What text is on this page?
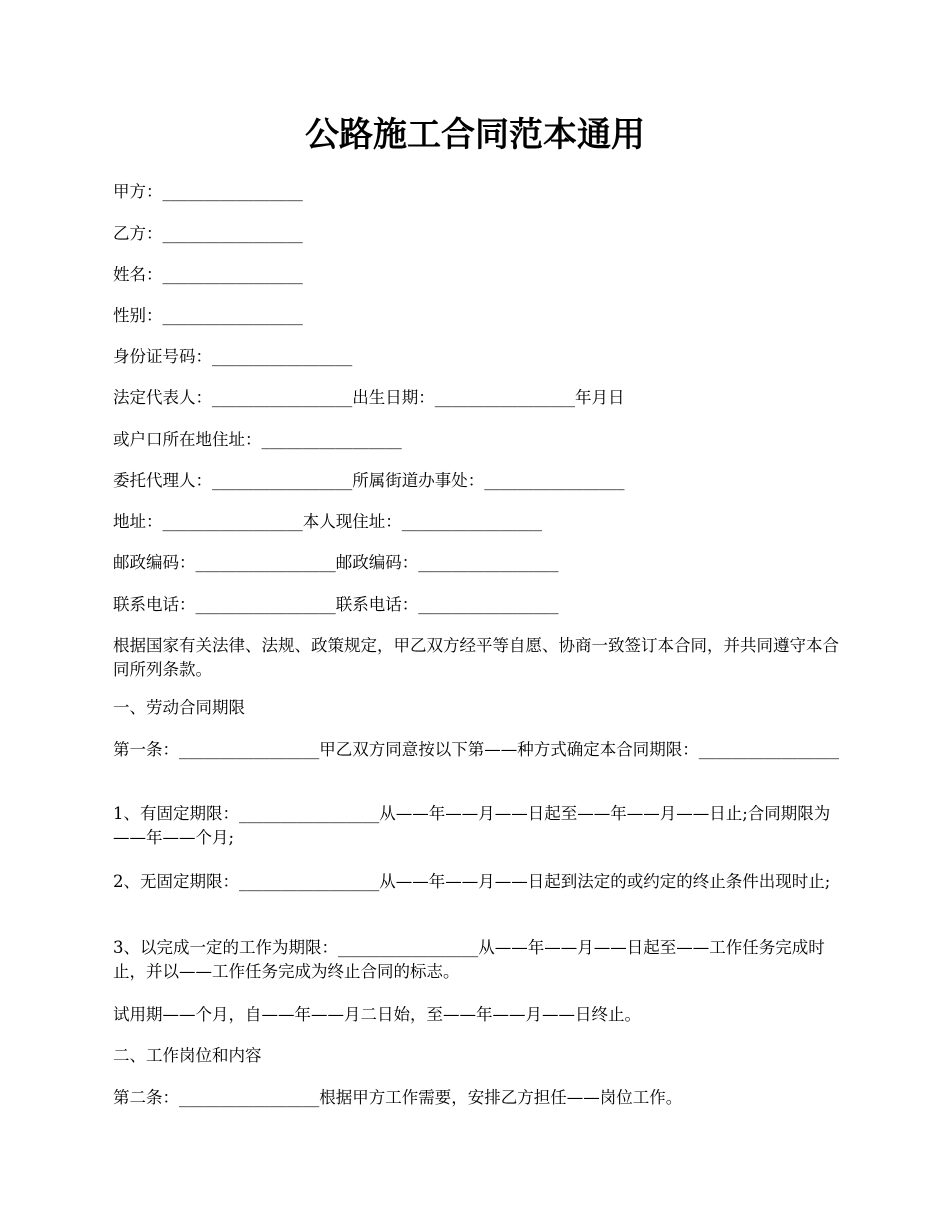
公路施工合同范本通用

甲方：_________________

乙方：_________________

姓名：_________________

性别：_________________

身份证号码：_________________

法定代表人：_________________出生日期：_________________年月日

或户口所在地住址：_________________

委托代理人：_________________所属街道办事处：_________________

地址：_________________本人现住址：_________________

邮政编码：_________________邮政编码：_________________

联系电话：_________________联系电话：_________________

根据国家有关法律、法规、政策规定，甲乙双方经平等自愿、协商一致签订本合同，并共同遵守本合同所列条款。

一、劳动合同期限

第一条：_________________甲乙双方同意按以下第——种方式确定本合同期限：_________________

1、有固定期限：_________________从——年——月——日起至——年——月——日止;合同期限为——年——个月;

2、无固定期限：_________________从——年——月——日起到法定的或约定的终止条件出现时止;

3、以完成一定的工作为期限：_________________从——年——月——日起至——工作任务完成时止，并以——工作任务完成为终止合同的标志。

试用期——个月，自——年——月二日始，至——年——月——日终止。

二、工作岗位和内容

第二条：_________________根据甲方工作需要，安排乙方担任——岗位工作。
